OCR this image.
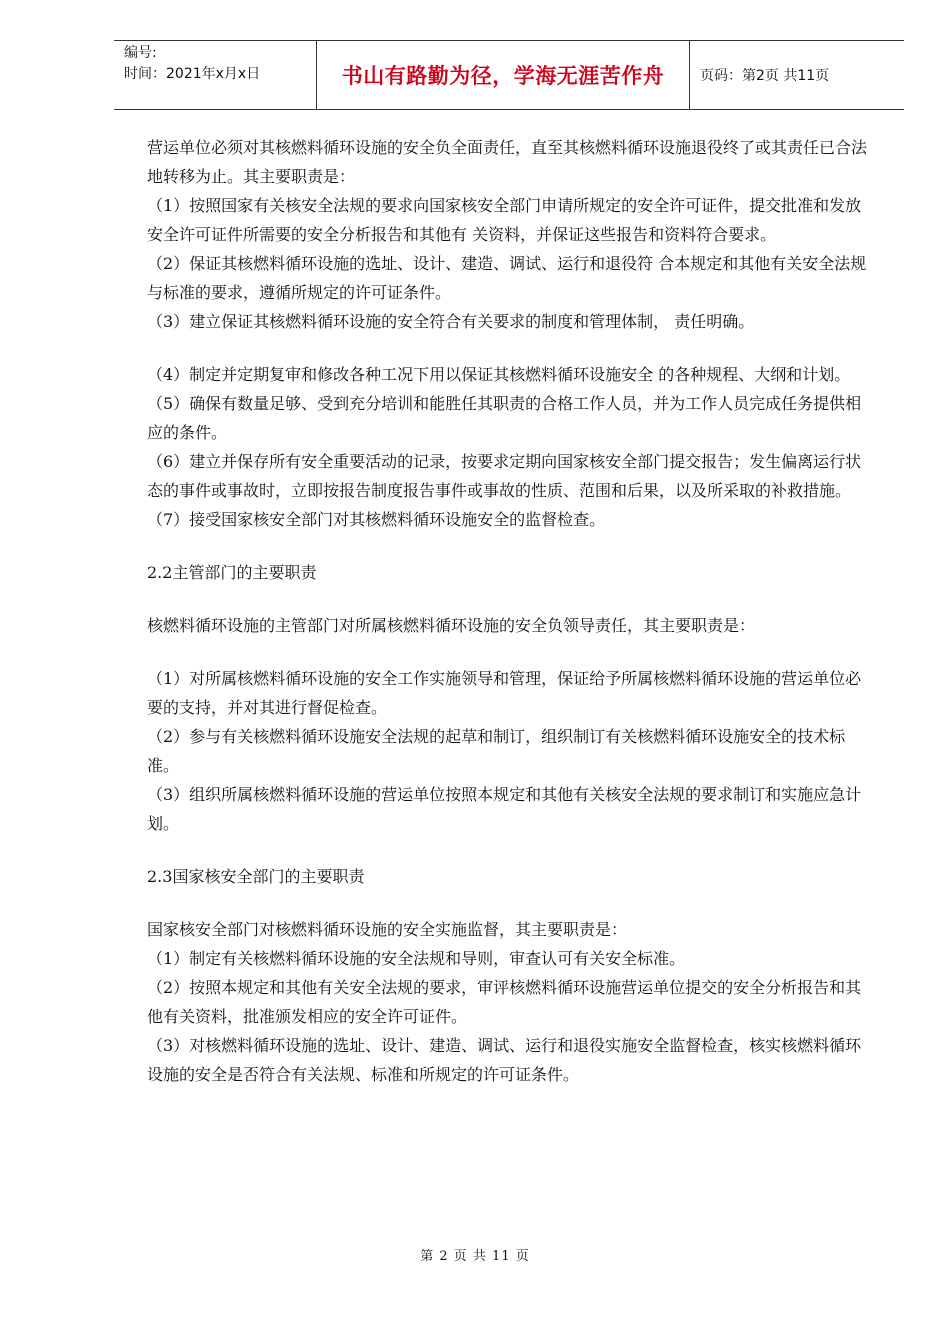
编号:
时间：2021年x月x日	书山有路勤为径，学海无涯苦作舟	页码：第2页 共11页

营运单位必须对其核燃料循环设施的安全负全面责任，直至其核燃料循环设施退役终了或其责任已合法地转移为止。其主要职责是：

（1）按照国家有关核安全法规的要求向国家核安全部门申请所规定的安全许可证件，提交批准和发放安全许可证件所需要的安全分析报告和其他有 关资料，并保证这些报告和资料符合要求。

（2）保证其核燃料循环设施的选址、设计、建造、调试、运行和退役符 合本规定和其他有关安全法规与标准的要求，遵循所规定的许可证条件。

（3）建立保证其核燃料循环设施的安全符合有关要求的制度和管理体制， 责任明确。

（4）制定并定期复审和修改各种工况下用以保证其核燃料循环设施安全 的各种规程、大纲和计划。

（5）确保有数量足够、受到充分培训和能胜任其职责的合格工作人员，并为工作人员完成任务提供相应的条件。

（6）建立并保存所有安全重要活动的记录，按要求定期向国家核安全部门提交报告；发生偏离运行状态的事件或事故时，立即按报告制度报告事件或事故的性质、范围和后果，以及所采取的补救措施。

（7）接受国家核安全部门对其核燃料循环设施安全的监督检查。

2.2主管部门的主要职责

核燃料循环设施的主管部门对所属核燃料循环设施的安全负领导责任，其主要职责是：

（1）对所属核燃料循环设施的安全工作实施领导和管理，保证给予所属核燃料循环设施的营运单位必要的支持，并对其进行督促检查。

（2）参与有关核燃料循环设施安全法规的起草和制订，组织制订有关核燃料循环设施安全的技术标准。

（3）组织所属核燃料循环设施的营运单位按照本规定和其他有关核安全法规的要求制订和实施应急计划。

2.3国家核安全部门的主要职责

国家核安全部门对核燃料循环设施的安全实施监督，其主要职责是：

（1）制定有关核燃料循环设施的安全法规和导则，审查认可有关安全标准。

（2）按照本规定和其他有关安全法规的要求，审评核燃料循环设施营运单位提交的安全分析报告和其他有关资料，批准颁发相应的安全许可证件。

（3）对核燃料循环设施的选址、设计、建造、调试、运行和退役实施安全监督检查，核实核燃料循环设施的安全是否符合有关法规、标准和所规定的许可证条件。

第 2 页 共 11 页
